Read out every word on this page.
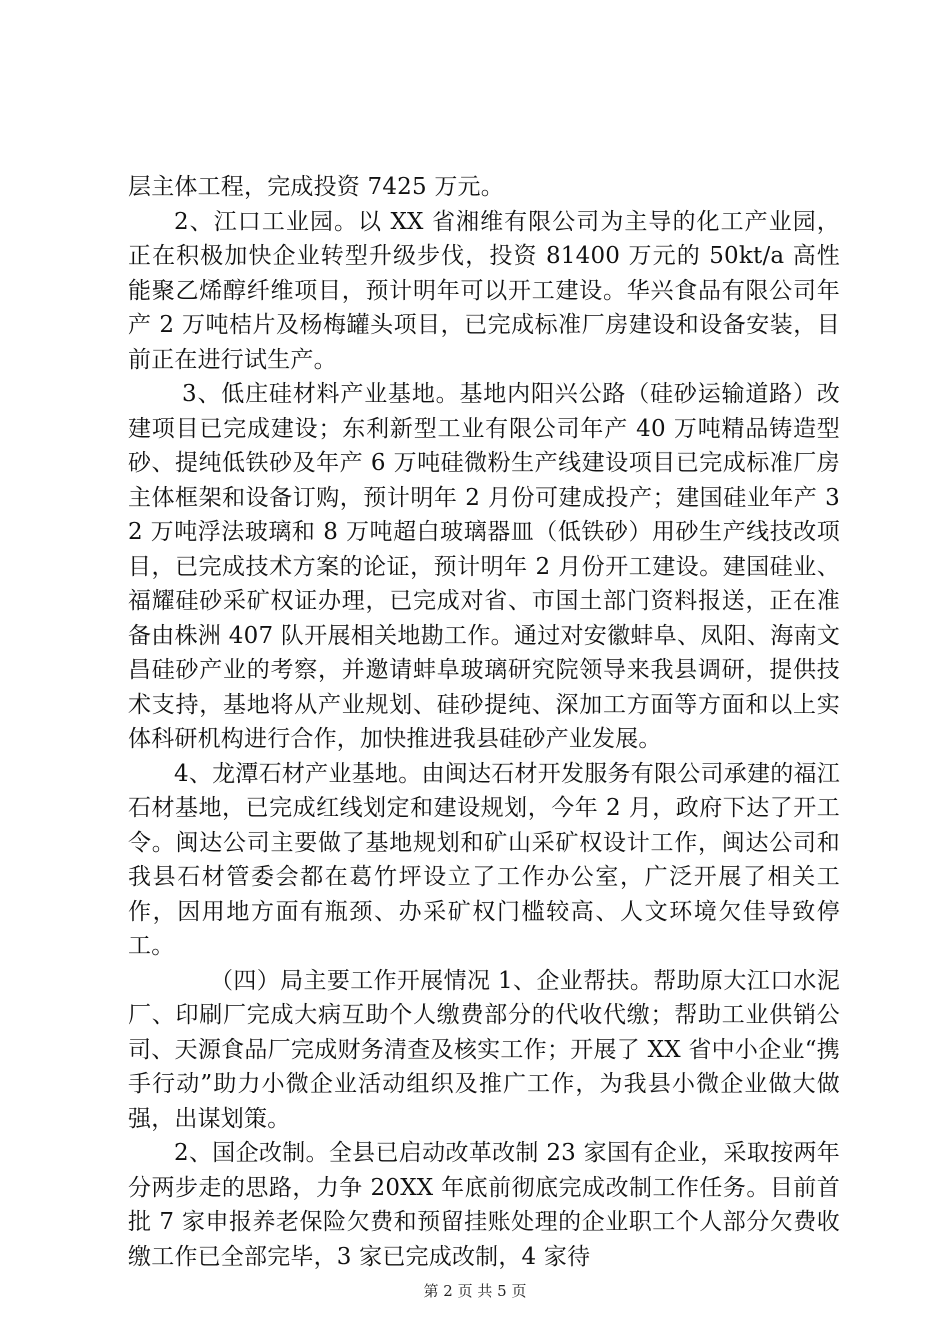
层主体工程，完成投资 7425 万元。

2、江口工业园。以 XX 省湘维有限公司为主导的化工产业园，正在积极加快企业转型升级步伐，投资 81400 万元的 50kt/a 高性能聚乙烯醇纤维项目，预计明年可以开工建设。华兴食品有限公司年产 2 万吨桔片及杨梅罐头项目，已完成标准厂房建设和设备安装，目前正在进行试生产。

3、低庄硅材料产业基地。基地内阳兴公路（硅砂运输道路）改建项目已完成建设；东利新型工业有限公司年产 40 万吨精品铸造型砂、提纯低铁砂及年产 6 万吨硅微粉生产线建设项目已完成标准厂房主体框架和设备订购，预计明年 2 月份可建成投产；建国硅业年产 32 万吨浮法玻璃和 8 万吨超白玻璃器皿（低铁砂）用砂生产线技改项目，已完成技术方案的论证，预计明年 2 月份开工建设。建国硅业、福耀硅砂采矿权证办理，已完成对省、市国土部门资料报送，正在准备由株洲 407 队开展相关地勘工作。通过对安徽蚌阜、凤阳、海南文昌硅砂产业的考察，并邀请蚌阜玻璃研究院领导来我县调研，提供技术支持，基地将从产业规划、硅砂提纯、深加工方面等方面和以上实体科研机构进行合作，加快推进我县硅砂产业发展。

4、龙潭石材产业基地。由闽达石材开发服务有限公司承建的福江石材基地，已完成红线划定和建设规划，今年 2 月，政府下达了开工令。闽达公司主要做了基地规划和矿山采矿权设计工作，闽达公司和我县石材管委会都在葛竹坪设立了工作办公室，广泛开展了相关工作，因用地方面有瓶颈、办采矿权门槛较高、人文环境欠佳导致停工。

（四）局主要工作开展情况 1、企业帮扶。帮助原大江口水泥厂、印刷厂完成大病互助个人缴费部分的代收代缴；帮助工业供销公司、天源食品厂完成财务清查及核实工作；开展了 XX 省中小企业“携手行动”助力小微企业活动组织及推广工作，为我县小微企业做大做强，出谋划策。

2、国企改制。全县已启动改革改制 23 家国有企业，采取按两年分两步走的思路，力争 20XX 年底前彻底完成改制工作任务。目前首批 7 家申报养老保险欠费和预留挂账处理的企业职工个人部分欠费收缴工作已全部完毕，3 家已完成改制，4 家待

第 2 页 共 5 页
